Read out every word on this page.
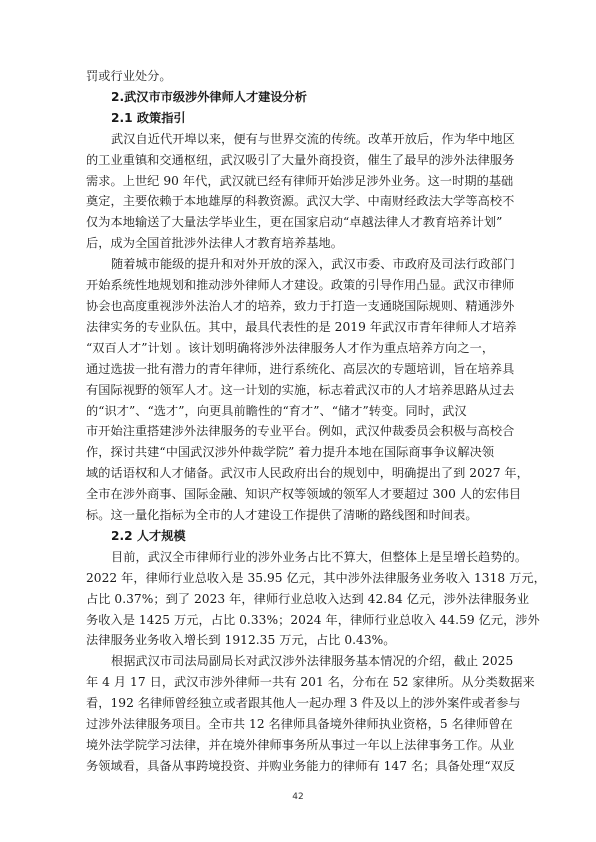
罚或行业处分。
2.武汉市市级涉外律师人才建设分析
2.1 政策指引
武汉自近代开埠以来，便有与世界交流的传统。改革开放后，作为华中地区
的工业重镇和交通枢纽，武汉吸引了大量外商投资，催生了最早的涉外法律服务
需求。上世纪 90 年代，武汉就已经有律师开始涉足涉外业务。这一时期的基础
奠定，主要依赖于本地雄厚的科教资源。武汉大学、中南财经政法大学等高校不
仅为本地输送了大量法学毕业生，更在国家启动“卓越法律人才教育培养计划”
后，成为全国首批涉外法律人才教育培养基地。
随着城市能级的提升和对外开放的深入，武汉市委、市政府及司法行政部门
开始系统性地规划和推动涉外律师人才建设。政策的引导作用凸显。武汉市律师
协会也高度重视涉外法治人才的培养，致力于打造一支通晓国际规则、精通涉外
法律实务的专业队伍。其中，最具代表性的是 2019 年武汉市青年律师人才培养
“双百人才”计划 。该计划明确将涉外法律服务人才作为重点培养方向之一，
通过选拔一批有潜力的青年律师，进行系统化、高层次的专题培训，旨在培养具
有国际视野的领军人才。这一计划的实施，标志着武汉市的人才培养思路从过去
的“识才”、“选才”，向更具前瞻性的“育才”、“储才”转变。同时，武汉
市开始注重搭建涉外法律服务的专业平台。例如，武汉仲裁委员会积极与高校合
作，探讨共建“中国武汉涉外仲裁学院” 着力提升本地在国际商事争议解决领
域的话语权和人才储备。武汉市人民政府出台的规划中，明确提出了到 2027 年，
全市在涉外商事、国际金融、知识产权等领域的领军人才要超过 300 人的宏伟目
标。这一量化指标为全市的人才建设工作提供了清晰的路线图和时间表。
2.2 人才规模
目前，武汉全市律师行业的涉外业务占比不算大，但整体上是呈增长趋势的。
2022 年，律师行业总收入是 35.95 亿元，其中涉外法律服务业务收入 1318 万元，
占比 0.37%；到了 2023 年，律师行业总收入达到 42.84 亿元，涉外法律服务业
务收入是 1425 万元，占比 0.33%；2024 年，律师行业总收入 44.59 亿元，涉外
法律服务业务收入增长到 1912.35 万元，占比 0.43%。
根据武汉市司法局副局长对武汉涉外法律服务基本情况的介绍，截止 2025
年 4 月 17 日，武汉市涉外律师一共有 201 名，分布在 52 家律所。从分类数据来
看，192 名律师曾经独立或者跟其他人一起办理 3 件及以上的涉外案件或者参与
过涉外法律服务项目。全市共 12 名律师具备境外律师执业资格，5 名律师曾在
境外法学院学习法律，并在境外律师事务所从事过一年以上法律事务工作。从业
务领域看，具备从事跨境投资、并购业务能力的律师有 147 名；具备处理“双反
42
